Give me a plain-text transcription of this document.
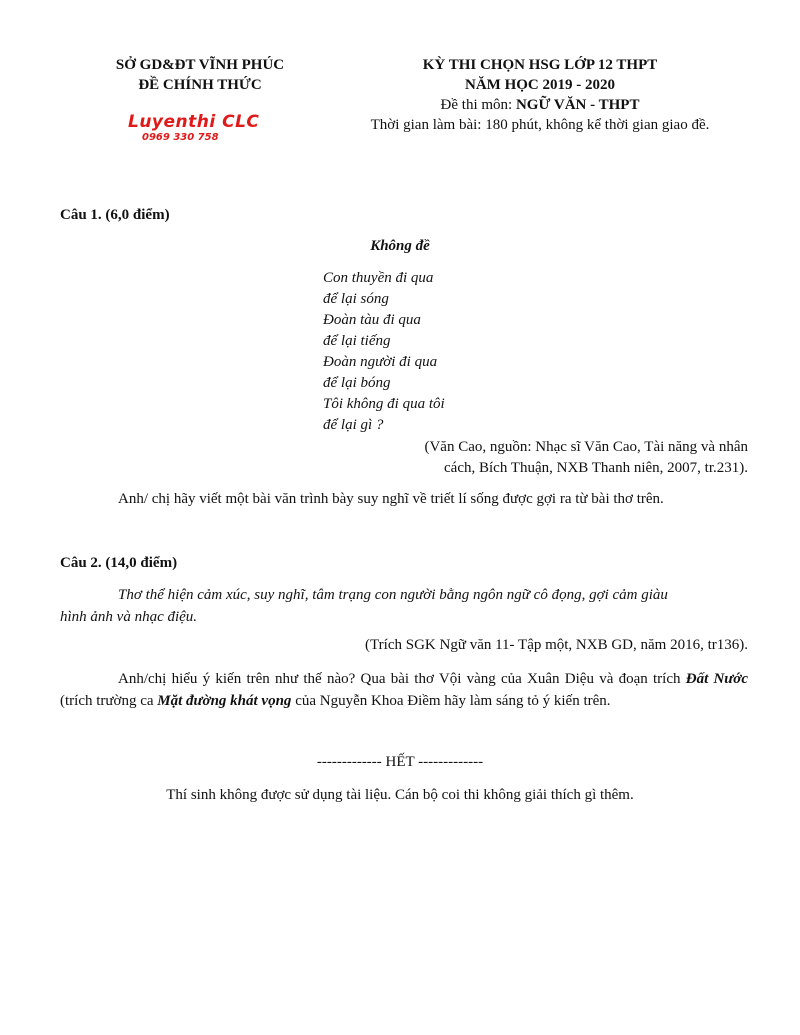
SỞ GD&ĐT VĨNH PHÚC
ĐỀ CHÍNH THỨC
Luyenthi CLC
0969 330 758
KỲ THI CHỌN HSG LỚP 12 THPT
NĂM HỌC 2019 - 2020
Đề thi môn: NGỮ VĂN - THPT
Thời gian làm bài: 180 phút, không kể thời gian giao đề.
Câu 1. (6,0 điểm)
Không đề
Con thuyền đi qua
để lại sóng
Đoàn tàu đi qua
để lại tiếng
Đoàn người đi qua
để lại bóng
Tôi không đi qua tôi
để lại gì ?
(Văn Cao, nguồn: Nhạc sĩ Văn Cao, Tài năng và nhân
cách, Bích Thuận, NXB Thanh niên, 2007, tr.231).
Anh/ chị hãy viết một bài văn trình bày suy nghĩ về triết lí sống được gợi ra từ bài thơ trên.
Câu 2. (14,0 điểm)
Thơ thể hiện cảm xúc, suy nghĩ, tâm trạng con người bằng ngôn ngữ cô đọng, gợi cảm giàu
hình ảnh và nhạc điệu.
(Trích SGK Ngữ văn 11- Tập một, NXB GD, năm 2016, tr136).
Anh/chị hiểu ý kiến trên như thế nào? Qua bài thơ Vội vàng của Xuân Diệu và đoạn trích Đất Nước (trích trường ca Mặt đường khát vọng của Nguyễn Khoa Điềm hãy làm sáng tỏ ý kiến trên.
------------- HẾT -------------
Thí sinh không được sử dụng tài liệu. Cán bộ coi thi không giải thích gì thêm.
